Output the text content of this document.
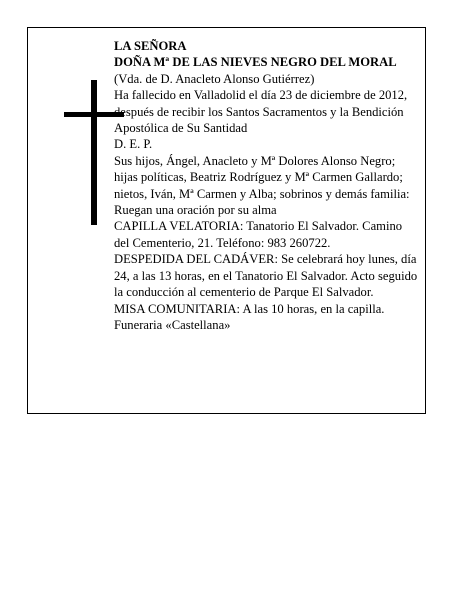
LA SEÑORA

DOÑA Mª DE LAS NIEVES NEGRO DEL MORAL

(Vda. de D. Anacleto Alonso Gutiérrez)

Ha fallecido en Valladolid el día 23 de diciembre de 2012, después de recibir los Santos Sacramentos y la Bendición Apostólica de Su Santidad

D. E. P.

Sus hijos, Ángel, Anacleto y Mª Dolores Alonso Negro; hijas políticas, Beatriz Rodríguez y Mª Carmen Gallardo; nietos, Iván, Mª Carmen y Alba; sobrinos y demás familia:

Ruegan una oración por su alma

CAPILLA VELATORIA: Tanatorio El Salvador. Camino del Cementerio, 21. Teléfono: 983 260722.

DESPEDIDA DEL CADÁVER: Se celebrará hoy lunes, día 24, a las 13 horas, en el Tanatorio El Salvador. Acto seguido la conducción al cementerio de Parque El Salvador.

MISA COMUNITARIA: A las 10 horas, en la capilla.

Funeraria «Castellana»
